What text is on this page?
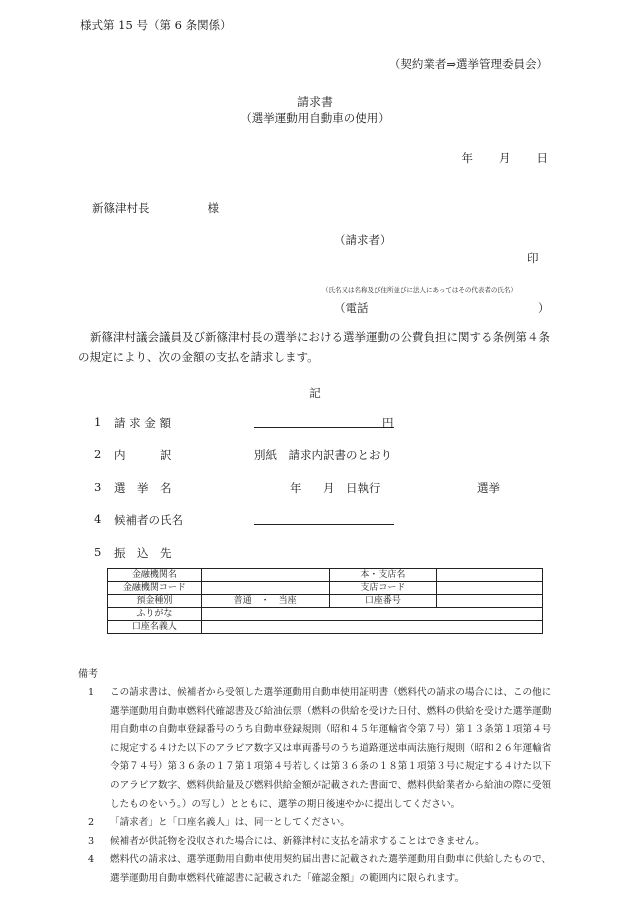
様式第 15 号（第 6 条関係）
（契約業者⇒選挙管理委員会）
請求書
（選挙運動用自動車の使用）
年 月 日
新篠津村長	様
（請求者）
印
（氏名又は名称及び住所並びに法人にあってはその代表者の氏名）
（電話	）
新篠津村議会議員及び新篠津村長の選挙における選挙運動の公費負担に関する条例第４条の規定により、次の金額の支払を請求します。
記
1 請 求 金 額	円
2 内　　　訳	別紙　請求内訳書のとおり
3 選　挙　名	年 月 日執行	選挙
4 候補者の氏名
5 振　込　先
金融機関名		本・支店名	
金融機関コード		支店コード	
預金種別	普通　・　当座	口座番号	
ふりがな			
口座名義人			
備考
1 この請求書は、候補者から受領した選挙運動用自動車使用証明書（燃料代の請求の場合には、この他に選挙運動用自動車燃料代確認書及び給油伝票（燃料の供給を受けた日付、燃料の供給を受けた選挙運動用自動車の自動車登録番号のうち自動車登録規則（昭和４５年運輸省令第７号）第１３条第１項第４号に規定する４けた以下のアラビア数字又は車両番号のうち道路運送車両法施行規則（昭和２６年運輸省令第７４号）第３６条の１７第１項第４号若しくは第３６条の１８第１項第３号に規定する４けた以下のアラビア数字、燃料供給量及び燃料供給金額が記載された書面で、燃料供給業者から給油の際に受領したものをいう。）の写し）とともに、選挙の期日後速やかに提出してください。
2 「請求者」と「口座名義人」は、同一としてください。
3 候補者が供託物を没収された場合には、新篠津村に支払を請求することはできません。
4 燃料代の請求は、選挙運動用自動車使用契約届出書に記載された選挙運動用自動車に供給したもので、選挙運動用自動車燃料代確認書に記載された「確認金額」の範囲内に限られます。
